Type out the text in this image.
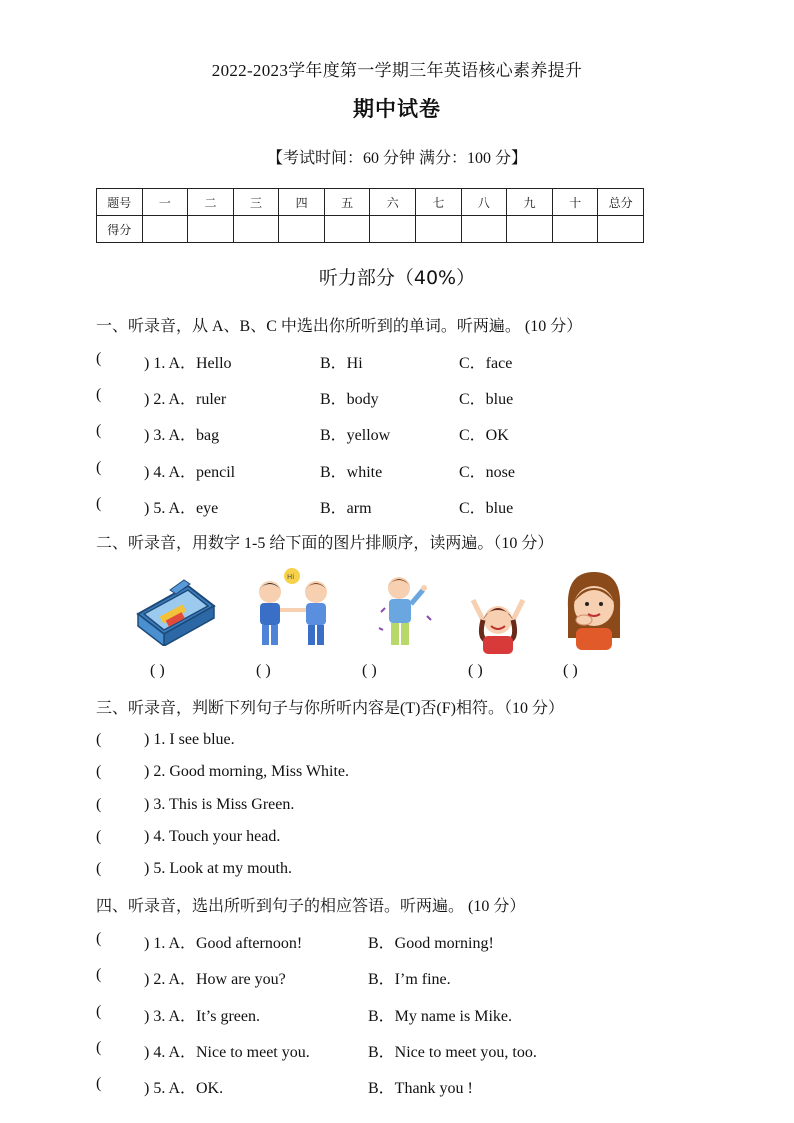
2022-2023学年度第一学期三年英语核心素养提升
期中试卷
【考试时间：60 分钟 满分：100 分】
题号	一	二	三	四	五	六	七	八	九	十	总分
得分											
听力部分（40%）
一、听录音，从 A、B、C 中选出你所听到的单词。听两遍。 (10 分）
(	) 1. A．Hello	B．Hi	C．face
(	) 2. A．ruler	B．body	C．blue
(	) 3. A．bag	B．yellow	C．OK
(	) 4. A．pencil	B．white	C．nose
(	) 5. A．eye	B．arm	C．blue
二、听录音，用数字 1-5 给下面的图片排顺序，读两遍。（10 分）
Hi
( )	( )	( )	( )	( )
三、听录音，判断下列句子与你所听内容是(T)否(F)相符。（10 分）
(	) 1. I see blue.
(	) 2. Good morning, Miss White.
(	) 3. This is Miss Green.
(	) 4. Touch your head.
(	) 5. Look at my mouth.
四、听录音，选出所听到句子的相应答语。听两遍。 (10 分）
(	) 1. A．Good afternoon!	B．Good morning!
(	) 2. A．How are you?	B．I’m fine.
(	) 3. A．It’s green.	B．My name is Mike.
(	) 4. A．Nice to meet you.	B．Nice to meet you, too.
(	) 5. A．OK.	B．Thank you !
